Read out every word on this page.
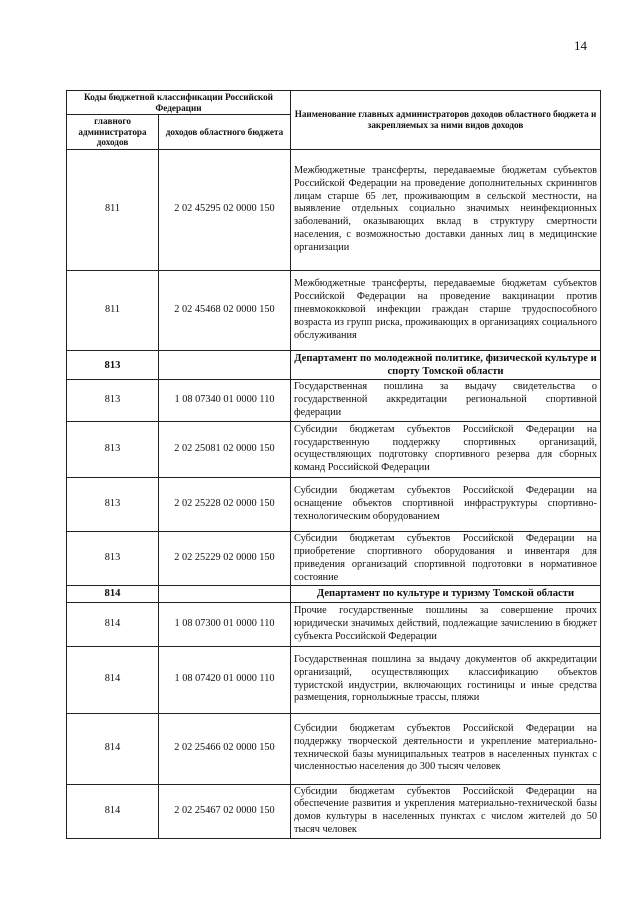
14
Коды бюджетной классификации Российской Федерации		Наименование главных администраторов доходов областного бюджета и закрепляемых за ними видов доходов
главного администратора доходов	доходов областного бюджета	
811	2 02 45295 02 0000 150	Межбюджетные трансферты, передаваемые бюджетам субъектов Российской Федерации на проведение дополнительных скринингов лицам старше 65 лет, проживающим в сельской местности, на выявление отдельных социально значимых неинфекционных заболеваний, оказывающих вклад в структуру смертности населения, с возможностью доставки данных лиц в медицинские организации
811	2 02 45468 02 0000 150	Межбюджетные трансферты, передаваемые бюджетам субъектов Российской Федерации на проведение вакцинации против пневмококковой инфекции граждан старше трудоспособного возраста из групп риска, проживающих в организациях социального обслуживания
813		Департамент по молодежной политике, физической культуре и спорту Томской области
813	1 08 07340 01 0000 110	Государственная пошлина за выдачу свидетельства о государственной аккредитации региональной спортивной федерации
813	2 02 25081 02 0000 150	Субсидии бюджетам субъектов Российской Федерации на государственную поддержку спортивных организаций, осуществляющих подготовку спортивного резерва для сборных команд Российской Федерации
813	2 02 25228 02 0000 150	Субсидии бюджетам субъектов Российской Федерации на оснащение объектов спортивной инфраструктуры спортивно-технологическим оборудованием
813	2 02 25229 02 0000 150	Субсидии бюджетам субъектов Российской Федерации на приобретение спортивного оборудования и инвентаря для приведения организаций спортивной подготовки в нормативное состояние
814		Департамент по культуре и туризму Томской области
814	1 08 07300 01 0000 110	Прочие государственные пошлины за совершение прочих юридически значимых действий, подлежащие зачислению в бюджет субъекта Российской Федерации
814	1 08 07420 01 0000 110	Государственная пошлина за выдачу документов об аккредитации организаций, осуществляющих классификацию объектов туристской индустрии, включающих гостиницы и иные средства размещения, горнолыжные трассы, пляжи
814	2 02 25466 02 0000 150	Субсидии бюджетам субъектов Российской Федерации на поддержку творческой деятельности и укрепление материально-технической базы муниципальных театров в населенных пунктах с численностью населения до 300 тысяч человек
814	2 02 25467 02 0000 150	Субсидии бюджетам субъектов Российской Федерации на обеспечение развития и укрепления материально-технической базы домов культуры в населенных пунктах с числом жителей до 50 тысяч человек
